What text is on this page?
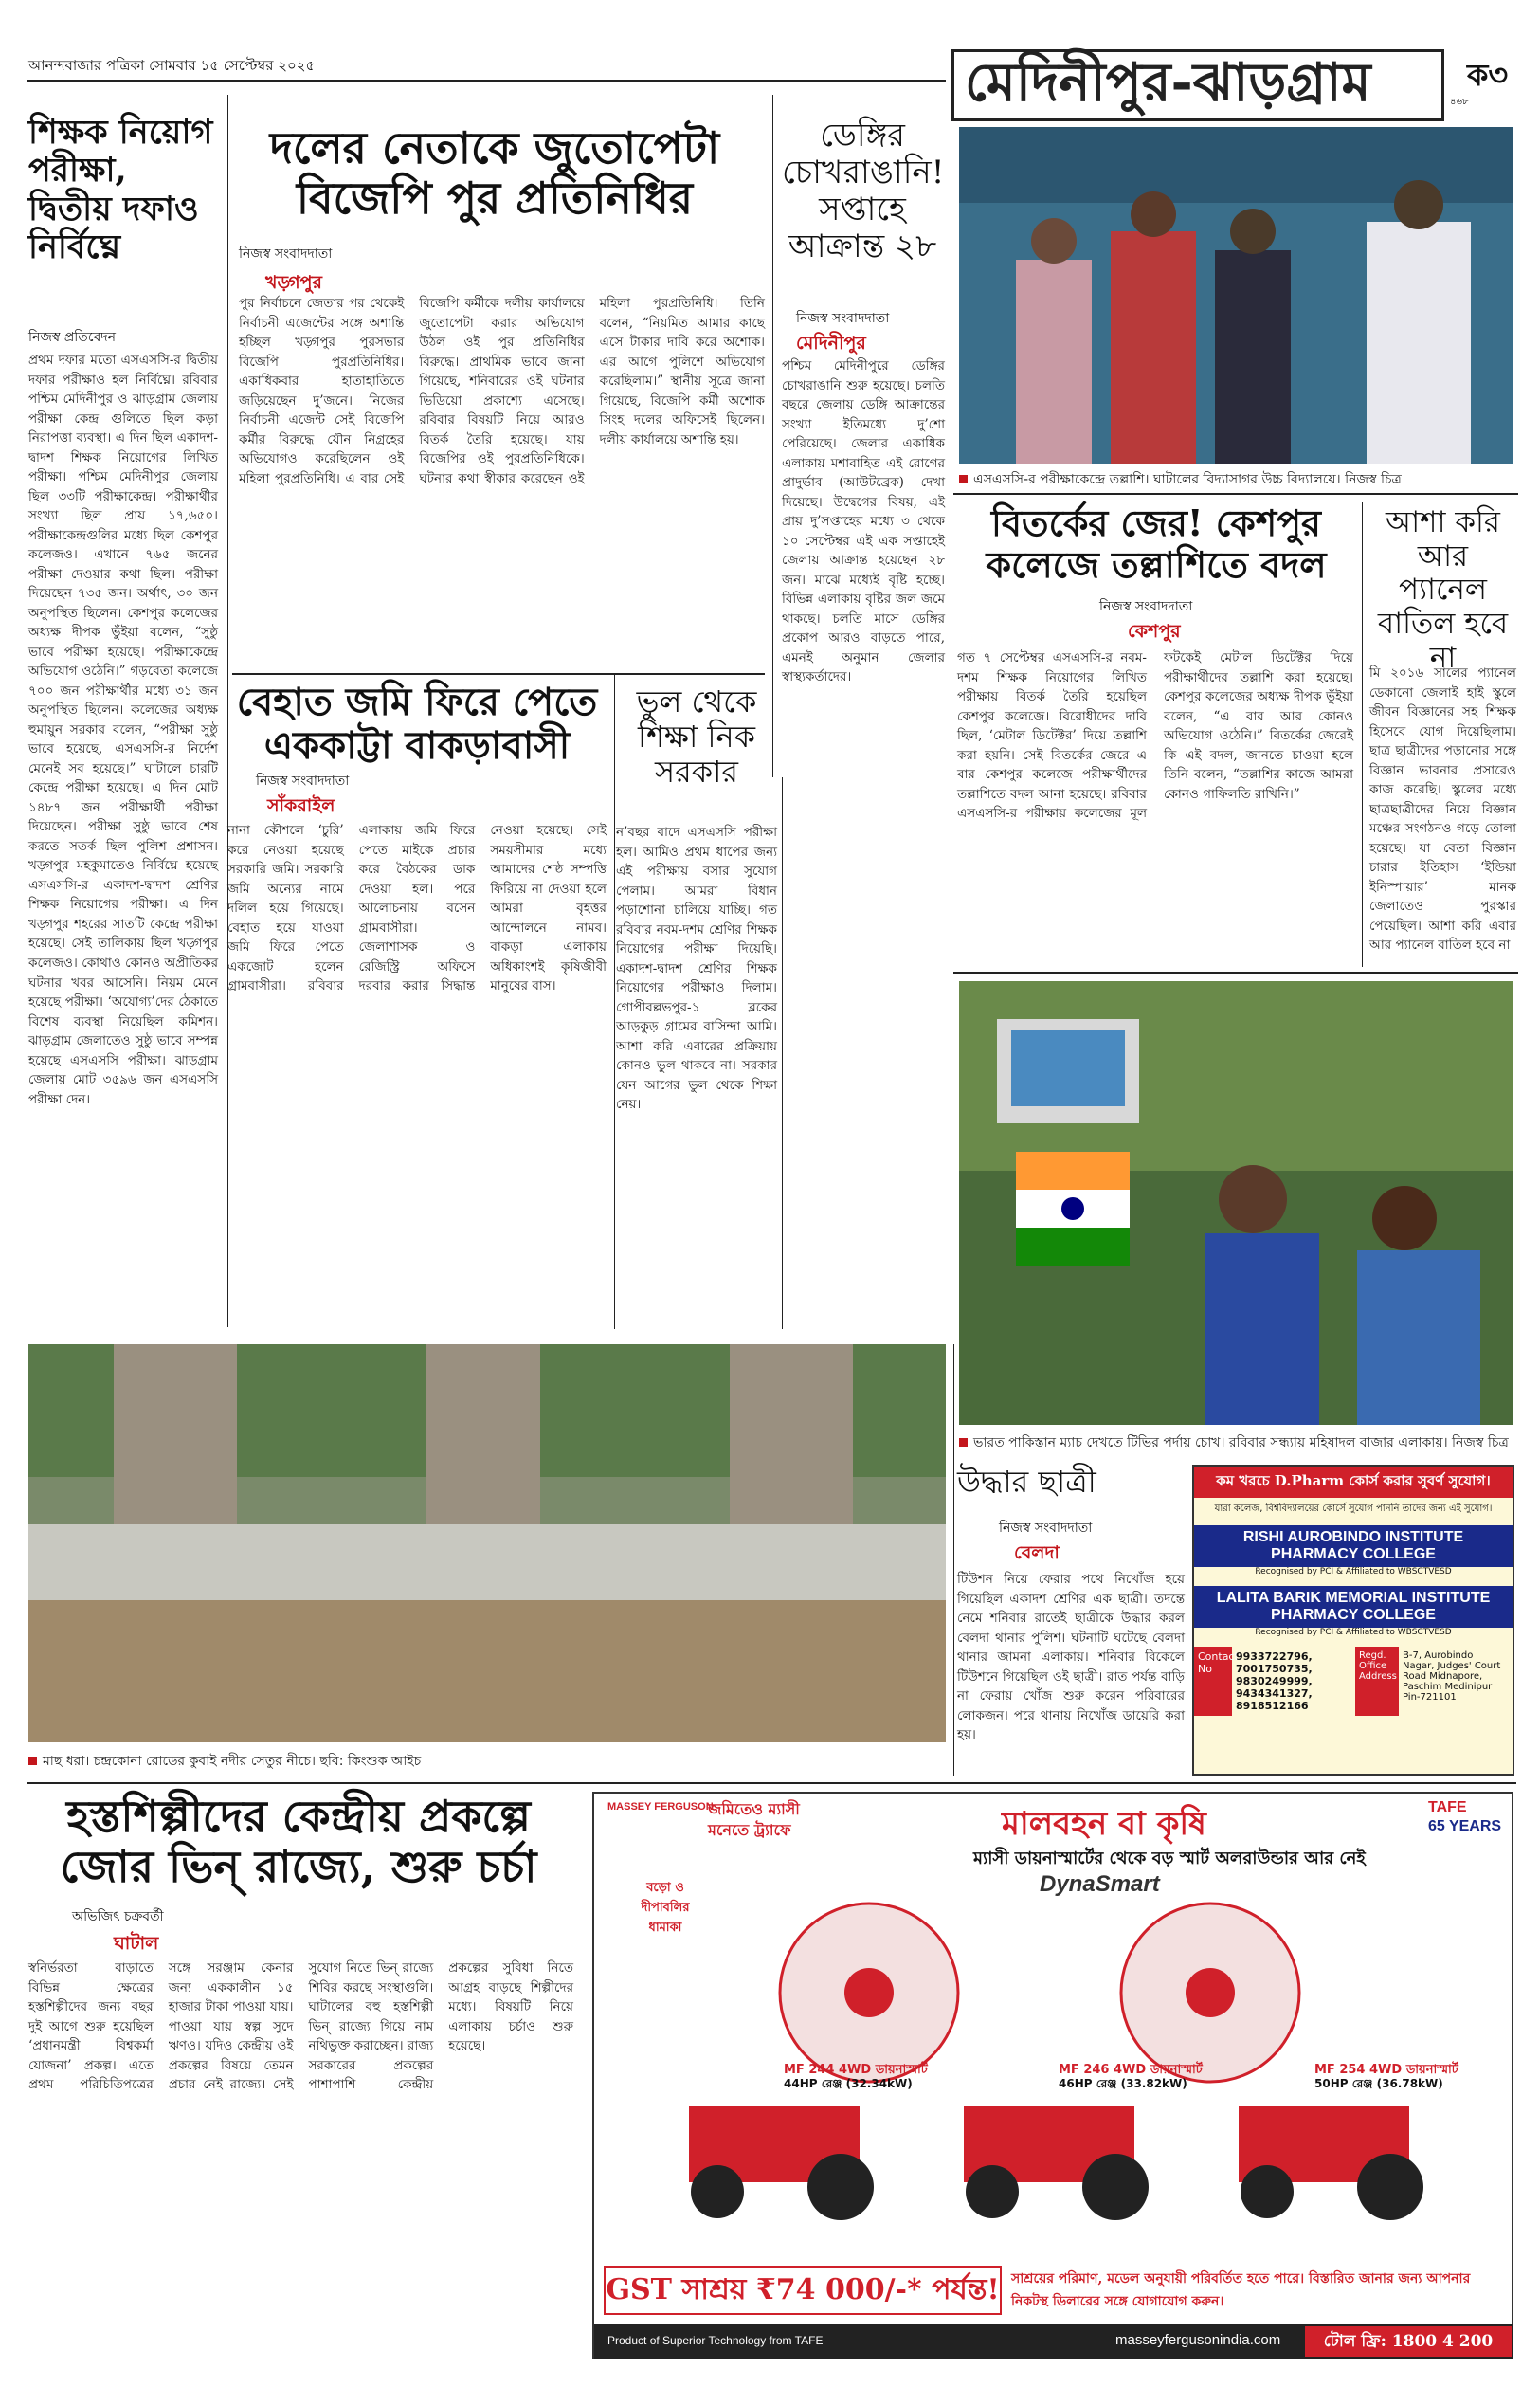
আনন্দবাজার পত্রিকা সোমবার ১৫ সেপ্টেম্বর ২০২৫	মেদিনীপুর-ঝাড়গ্রাম	৪৬৮
ক৩
শিক্ষক নিয়োগ পরীক্ষা, দ্বিতীয় দফাও নির্বিঘ্নে
নিজস্ব প্রতিবেদন
প্রথম দফার মতো এসএসসি-র দ্বিতীয় দফার পরীক্ষাও হল নির্বিঘ্নে। রবিবার পশ্চিম মেদিনীপুর ও ঝাড়গ্রাম জেলায় পরীক্ষা কেন্দ্র গুলিতে ছিল কড়া নিরাপত্তা ব্যবস্থা। এ দিন ছিল একাদশ- দ্বাদশ শিক্ষক নিয়োগের লিখিত পরীক্ষা। পশ্চিম মেদিনীপুর জেলায় ছিল ৩৩টি পরীক্ষাকেন্দ্র। পরীক্ষার্থীর সংখ্যা ছিল প্রায় ১৭,৬৫০। পরীক্ষাকেন্দ্রগুলির মধ্যে ছিল কেশপুর কলেজও। এখানে ৭৬৫ জনের পরীক্ষা দেওয়ার কথা ছিল। পরীক্ষা দিয়েছেন ৭৩৫ জন। অর্থাৎ, ৩০ জন অনুপস্থিত ছিলেন। কেশপুর কলেজের অধ্যক্ষ দীপক ভুঁইয়া বলেন, “সুষ্ঠু ভাবে পরীক্ষা হয়েছে। পরীক্ষাকেন্দ্রে অভিযোগ ওঠেনি।” গড়বেতা কলেজে ৭০০ জন পরীক্ষার্থীর মধ্যে ৩১ জন অনুপস্থিত ছিলেন। কলেজের অধ্যক্ষ হুমায়ুন সরকার বলেন, “পরীক্ষা সুষ্ঠু ভাবে হয়েছে, এসএসসি-র নির্দেশ মেনেই সব হয়েছে।” ঘাটালে চারটি কেন্দ্রে পরীক্ষা হয়েছে। এ দিন মোট ১৪৮৭ জন পরীক্ষার্থী পরীক্ষা দিয়েছেন। পরীক্ষা সুষ্ঠু ভাবে শেষ করতে সতর্ক ছিল পুলিশ প্রশাসন। খড়্গপুর মহকুমাতেও নির্বিঘ্নে হয়েছে এসএসসি-র একাদশ-দ্বাদশ শ্রেণির শিক্ষক নিয়োগের পরীক্ষা। এ দিন খড়্গপুর শহরের সাতটি কেন্দ্রে পরীক্ষা হয়েছে। সেই তালিকায় ছিল খড়্গপুর কলেজও। কোথাও কোনও অপ্রীতিকর ঘটনার খবর আসেনি। নিয়ম মেনে হয়েছে পরীক্ষা। ‘অযোগ্য’দের ঠেকাতে বিশেষ ব্যবস্থা নিয়েছিল কমিশন। ঝাড়গ্রাম জেলাতেও সুষ্ঠু ভাবে সম্পন্ন হয়েছে এসএসসি পরীক্ষা। ঝাড়গ্রাম জেলায় মোট ৩৫৯৬ জন এসএসসি পরীক্ষা দেন।
দলের নেতাকে জুতোপেটা বিজেপি পুর প্রতিনিধির
নিজস্ব সংবাদদাতা
খড়্গপুর
পুর নির্বাচনে জেতার পর থেকেই নির্বাচনী এজেন্টের সঙ্গে অশান্তি হচ্ছিল খড়্গপুর পুরসভার বিজেপি পুরপ্রতিনিধির। একাধিকবার হাতাহাতিতে জড়িয়েছেন দু’জনে। নিজের নির্বাচনী এজেন্ট সেই বিজেপি কর্মীর বিরুদ্ধে যৌন নিগ্রহের অভিযোগও করেছিলেন ওই মহিলা পুরপ্রতিনিধি। এ বার সেই বিজেপি কর্মীকে দলীয় কার্যালয়ে জুতোপেটা করার অভিযোগ উঠল ওই পুর প্রতিনিধির বিরুদ্ধে। প্রাথমিক ভাবে জানা গিয়েছে, শনিবারের ওই ঘটনার ভিডিয়ো প্রকাশ্যে এসেছে। রবিবার বিষয়টি নিয়ে আরও বিতর্ক তৈরি হয়েছে। যায় বিজেপির ওই পুরপ্রতিনিধিকে। ঘটনার কথা স্বীকার করেছেন ওই মহিলা পুরপ্রতিনিধি। তিনি বলেন, “নিয়মিত আমার কাছে এসে টাকার দাবি করে অশোক। এর আগে পুলিশে অভিযোগ করেছিলাম।” স্থানীয় সূত্রে জানা গিয়েছে, বিজেপি কর্মী অশোক সিংহ দলের অফিসেই ছিলেন। দলীয় কার্যালয়ে অশান্তি হয়।
ডেঙ্গির চোখরাঙানি! সপ্তাহে আক্রান্ত ২৮
নিজস্ব সংবাদদাতা
মেদিনীপুর
পশ্চিম মেদিনীপুরে ডেঙ্গির চোখরাঙানি শুরু হয়েছে। চলতি বছরে জেলায় ডেঙ্গি আক্রান্তের সংখ্যা ইতিমধ্যে দু’শো পেরিয়েছে। জেলার একাধিক এলাকায় মশাবাহিত এই রোগের প্রাদুর্ভাব (আউটব্রেক) দেখা দিয়েছে। উদ্বেগের বিষয়, এই প্রায় দু’সপ্তাহের মধ্যে ৩ থেকে ১০ সেপ্টেম্বর এই এক সপ্তাহেই জেলায় আক্রান্ত হয়েছেন ২৮ জন। মাঝে মধ্যেই বৃষ্টি হচ্ছে। বিভিন্ন এলাকায় বৃষ্টির জল জমে থাকছে। চলতি মাসে ডেঙ্গির প্রকোপ আরও বাড়তে পারে, এমনই অনুমান জেলার স্বাস্থ্যকর্তাদের।
এসএসসি-র পরীক্ষাকেন্দ্রে তল্লাশি। ঘাটালের বিদ্যাসাগর উচ্চ বিদ্যালয়ে। নিজস্ব চিত্র
বিতর্কের জের! কেশপুর কলেজে তল্লাশিতে বদল
নিজস্ব সংবাদদাতা
কেশপুর
গত ৭ সেপ্টেম্বর এসএসসি-র নবম-দশম শিক্ষক নিয়োগের লিখিত পরীক্ষায় বিতর্ক তৈরি হয়েছিল কেশপুর কলেজে। বিরোধীদের দাবি ছিল, ‘মেটাল ডিটেক্টর’ দিয়ে তল্লাশি করা হয়নি। সেই বিতর্কের জেরে এ বার কেশপুর কলেজে পরীক্ষার্থীদের তল্লাশিতে বদল আনা হয়েছে। রবিবার এসএসসি-র পরীক্ষায় কলেজের মূল ফটকেই মেটাল ডিটেক্টর দিয়ে পরীক্ষার্থীদের তল্লাশি করা হয়েছে। কেশপুর কলেজের অধ্যক্ষ দীপক ভুঁইয়া বলেন, “এ বার আর কোনও অভিযোগ ওঠেনি।” বিতর্কের জেরেই কি এই বদল, জানতে চাওয়া হলে তিনি বলেন, “তল্লাশির কাজে আমরা কোনও গাফিলতি রাখিনি।”
আশা করি আর প্যানেল বাতিল হবে না
মি ২০১৬ সালের প্যানেল ডেকানো জেলাই হাই স্কুলে জীবন বিজ্ঞানের সহ শিক্ষক হিসেবে যোগ দিয়েছিলাম। ছাত্র ছাত্রীদের পড়ানোর সঙ্গে বিজ্ঞান ভাবনার প্রসারেও কাজ করেছি। স্কুলের মধ্যে ছাত্রছাত্রীদের নিয়ে বিজ্ঞান মঞ্চের সংগঠনও গড়ে তোলা হয়েছে। যা বেতা বিজ্ঞান চারার ইতিহাস ‘ইন্ডিয়া ইনিস্পায়ার’ মানক জেলাতেও পুরস্কার পেয়েছিল। আশা করি এবার আর প্যানেল বাতিল হবে না।
ভারত পাকিস্তান ম্যাচ দেখতে টিভির পর্দায় চোখ। রবিবার সন্ধ্যায় মহিষাদল বাজার এলাকায়। নিজস্ব চিত্র
বেহাত জমি ফিরে পেতে এককাট্টা বাকড়াবাসী
নিজস্ব সংবাদদাতা
সাঁকরাইল
নানা কৌশলে ‘চুরি’ করে নেওয়া হয়েছে সরকারি জমি। সরকারি জমি অন্যের নামে দলিল হয়ে গিয়েছে। বেহাত হয়ে যাওয়া জমি ফিরে পেতে একজোট হলেন গ্রামবাসীরা। রবিবার এলাকায় জমি ফিরে পেতে মাইকে প্রচার করে বৈঠকের ডাক দেওয়া হল। পরে আলোচনায় বসেন গ্রামবাসীরা। জেলাশাসক ও রেজিস্ট্রি অফিসে দরবার করার সিদ্ধান্ত নেওয়া হয়েছে। সেই সময়সীমার মধ্যে আমাদের শেষ্ঠ সম্পত্তি ফিরিয়ে না দেওয়া হলে আমরা বৃহত্তর আন্দোলনে নামব। বাকড়া এলাকায় অধিকাংশই কৃষিজীবী মানুষের বাস।
ভুল থেকে শিক্ষা নিক সরকার
ন’বছর বাদে এসএসসি পরীক্ষা হল। আমিও প্রথম ধাপের জন্য এই পরীক্ষায় বসার সুযোগ পেলাম। আমরা বিধান পড়াশোনা চালিয়ে যাচ্ছি। গত রবিবার নবম-দশম শ্রেণির শিক্ষক নিয়োগের পরীক্ষা দিয়েছি। একাদশ-দ্বাদশ শ্রেণির শিক্ষক নিয়োগের পরীক্ষাও দিলাম। গোপীবল্লভপুর-১ ব্লকের আড়কুড় গ্রামের বাসিন্দা আমি। আশা করি এবারের প্রক্রিয়ায় কোনও ভুল থাকবে না। সরকার যেন আগের ভুল থেকে শিক্ষা নেয়।
মাছ ধরা। চন্দ্রকোনা রোডের কুবাই নদীর সেতুর নীচে। ছবি: কিংশুক আইচ
উদ্ধার ছাত্রী
নিজস্ব সংবাদদাতা
বেলদা
টিউশন নিয়ে ফেরার পথে নিখোঁজ হয়ে গিয়েছিল একাদশ শ্রেণির এক ছাত্রী। তদন্তে নেমে শনিবার রাতেই ছাত্রীকে উদ্ধার করল বেলদা থানার পুলিশ। ঘটনাটি ঘটেছে বেলদা থানার জামনা এলাকায়। শনিবার বিকেলে টিউশনে গিয়েছিল ওই ছাত্রী। রাত পর্যন্ত বাড়ি না ফেরায় খোঁজ শুরু করেন পরিবারের লোকজন। পরে থানায় নিখোঁজ ডায়েরি করা হয়।
কম খরচে D.Pharm কোর্স করার সুবর্ণ সুযোগ।
যারা কলেজ, বিশ্ববিদ্যালয়ের কোর্সে সুযোগ পাননি তাদের জন্য এই সুযোগ।
RISHI AUROBINDO INSTITUTE PHARMACY COLLEGE
Recognised by PCI & Affiliated to WBSCTVESD
LALITA BARIK MEMORIAL INSTITUTE PHARMACY COLLEGE
Recognised by PCI & Affiliated to WBSCTVESD
Contact No
9933722796, 7001750735, 9830249999, 9434341327, 8918512166
Regd. Office Address
B-7, Aurobindo Nagar, Judges' Court Road Midnapore, Paschim Medinipur Pin-721101
হস্তশিল্পীদের কেন্দ্রীয় প্রকল্পে জোর ভিন্ রাজ্যে, শুরু চর্চা
অভিজিৎ চক্রবর্তী
ঘাটাল
স্বনির্ভরতা বাড়াতে বিভিন্ন ক্ষেত্রের হস্তশিল্পীদের জন্য বছর দুই আগে শুরু হয়েছিল ‘প্রধানমন্ত্রী বিশ্বকর্মা যোজনা’ প্রকল্প। এতে প্রথম পরিচিতিপত্রের সঙ্গে সরঞ্জাম কেনার জন্য এককালীন ১৫ হাজার টাকা পাওয়া যায়। পাওয়া যায় স্বল্প সুদে ঋণও। যদিও কেন্দ্রীয় ওই প্রকল্পের বিষয়ে তেমন প্রচার নেই রাজ্যে। সেই সুযোগ নিতে ভিন্ রাজ্যে শিবির করছে সংস্থাগুলি। ঘাটালের বহু হস্তশিল্পী ভিন্ রাজ্যে গিয়ে নাম নথিভুক্ত করাচ্ছেন। রাজ্য সরকারের প্রকল্পের পাশাপাশি কেন্দ্রীয় প্রকল্পের সুবিধা নিতে আগ্রহ বাড়ছে শিল্পীদের মধ্যে। বিষয়টি নিয়ে এলাকায় চর্চাও শুরু হয়েছে।
MASSEY FERGUSON
জমিতেও ম্যাসী
মনেতে ট্র্যাফে	মালবহন বা কৃষি
ম্যাসী ডায়নাস্মার্টের থেকে বড় স্মার্ট অলরাউন্ডার আর নেই
DynaSmart
TAFE
65 YEARS
বড়ো ও দীপাবলির ধামাকা
MF 244 4WD ডায়নাস্মার্ট
44HP রেঞ্জ (32.34kW)
MF 246 4WD ডায়নাস্মার্ট
46HP রেঞ্জ (33.82kW)
MF 254 4WD ডায়নাস্মার্ট
50HP রেঞ্জ (36.78kW)
GST সাশ্রয় ₹74 000/-* পর্যন্ত! সাশ্রয়ের পরিমাণ, মডেল অনুযায়ী পরিবর্তিত হতে পারে। বিস্তারিত জানার জন্য আপনার নিকটস্থ ডিলারের সঙ্গে যোগাযোগ করুন।
Product of Superior Technology from TAFE	masseyfergusonindia.com	টোল ফ্রি: 1800 4 200 200
